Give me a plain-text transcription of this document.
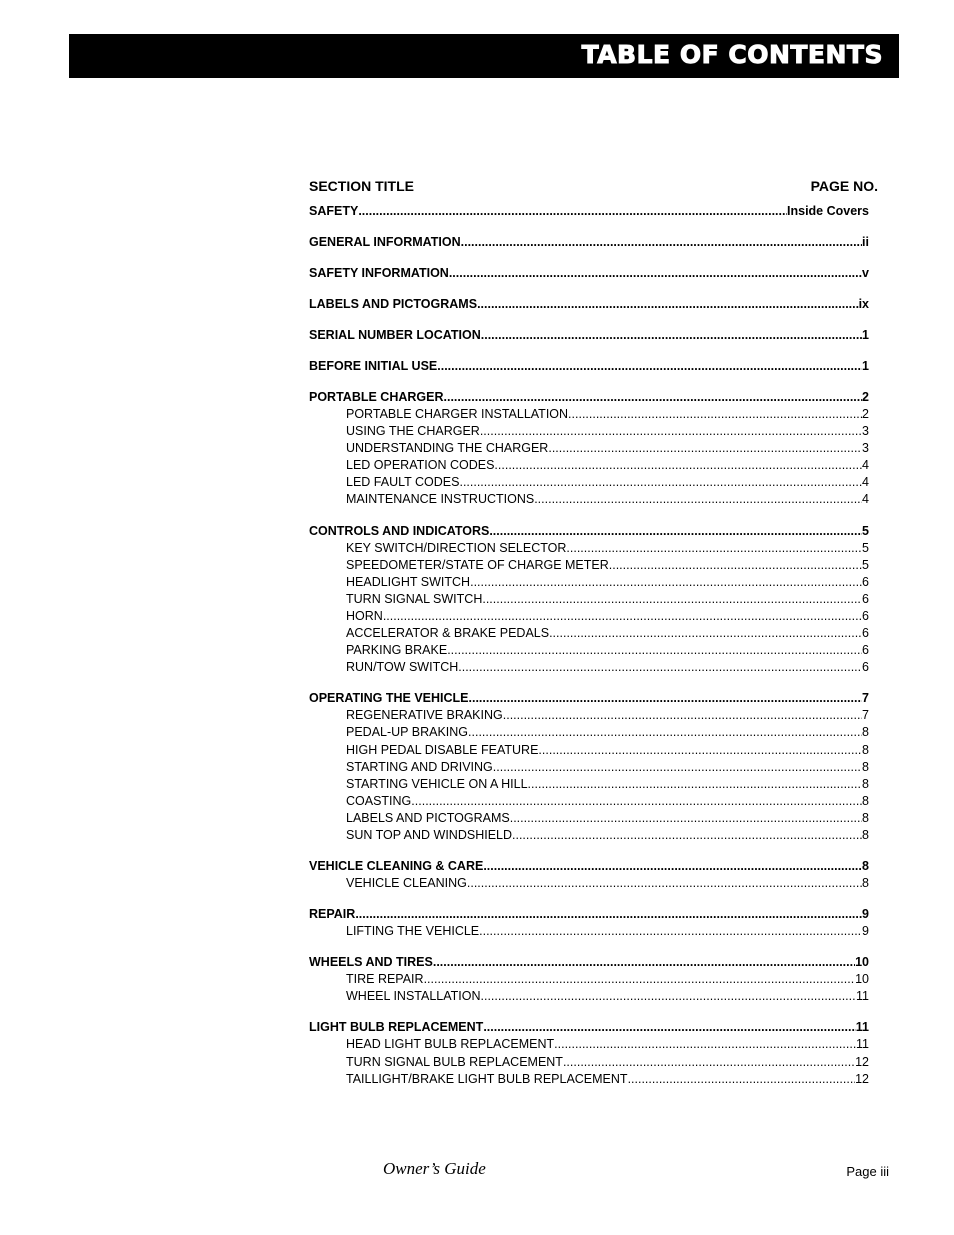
TABLE OF CONTENTS
SECTION TITLE	PAGE NO.
SAFETY .....	Inside Covers
GENERAL INFORMATION .....	ii
SAFETY INFORMATION .....	v
LABELS AND PICTOGRAMS .....	ix
SERIAL NUMBER LOCATION .....	1
BEFORE INITIAL USE .....	1
PORTABLE CHARGER .....	2
PORTABLE CHARGER INSTALLATION .....	2
USING THE CHARGER .....	3
UNDERSTANDING THE CHARGER .....	3
LED OPERATION CODES .....	4
LED FAULT CODES .....	4
MAINTENANCE INSTRUCTIONS .....	4
CONTROLS AND INDICATORS .....	5
KEY SWITCH/DIRECTION SELECTOR .....	5
SPEEDOMETER/STATE OF CHARGE METER .....	5
HEADLIGHT SWITCH .....	6
TURN SIGNAL SWITCH .....	6
HORN .....	6
ACCELERATOR & BRAKE PEDALS .....	6
PARKING BRAKE .....	6
RUN/TOW SWITCH .....	6
OPERATING THE VEHICLE .....	7
REGENERATIVE BRAKING .....	7
PEDAL-UP BRAKING .....	8
HIGH PEDAL DISABLE FEATURE .....	8
STARTING AND DRIVING .....	8
STARTING VEHICLE ON A HILL .....	8
COASTING .....	8
LABELS AND PICTOGRAMS .....	8
SUN TOP AND WINDSHIELD .....	8
VEHICLE CLEANING & CARE .....	8
VEHICLE CLEANING .....	8
REPAIR .....	9
LIFTING THE VEHICLE .....	9
WHEELS AND TIRES .....	10
TIRE REPAIR .....	10
WHEEL INSTALLATION .....	11
LIGHT BULB REPLACEMENT .....	11
HEAD LIGHT BULB REPLACEMENT .....	11
TURN SIGNAL BULB REPLACEMENT .....	12
TAILLIGHT/BRAKE LIGHT BULB REPLACEMENT .....	12
Owner’s Guide	Page iii
